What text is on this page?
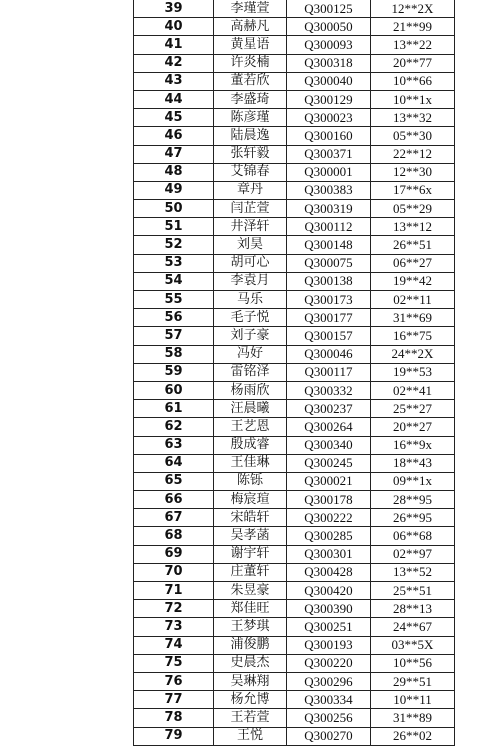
39	李瑾萱	Q300125	12**2X
40	高赫凡	Q300050	21**99
41	黄星语	Q300093	13**22
42	许炎楠	Q300318	20**77
43	董若欣	Q300040	10**66
44	李盛琦	Q300129	10**1x
45	陈彦瑾	Q300023	13**32
46	陆晨逸	Q300160	05**30
47	张轩毅	Q300371	22**12
48	艾锦春	Q300001	12**30
49	章丹	Q300383	17**6x
50	闫芷萱	Q300319	05**29
51	井泽轩	Q300112	13**12
52	刘昊	Q300148	26**51
53	胡可心	Q300075	06**27
54	李袁月	Q300138	19**42
55	马乐	Q300173	02**11
56	毛子悦	Q300177	31**69
57	刘子豪	Q300157	16**75
58	冯好	Q300046	24**2X
59	雷铭泽	Q300117	19**53
60	杨雨欣	Q300332	02**41
61	汪晨曦	Q300237	25**27
62	王艺恩	Q300264	20**27
63	殷成睿	Q300340	16**9x
64	王佳琳	Q300245	18**43
65	陈铄	Q300021	09**1x
66	梅宸瑄	Q300178	28**95
67	宋皓轩	Q300222	26**95
68	吴孝菡	Q300285	06**68
69	谢宇轩	Q300301	02**97
70	庄董轩	Q300428	13**52
71	朱昱豪	Q300420	25**51
72	郑佳旺	Q300390	28**13
73	王梦琪	Q300251	24**67
74	浦俊鹏	Q300193	03**5X
75	史晨杰	Q300220	10**56
76	吴琳翔	Q300296	29**51
77	杨允博	Q300334	10**11
78	王若萱	Q300256	31**89
79	王悦	Q300270	26**02
